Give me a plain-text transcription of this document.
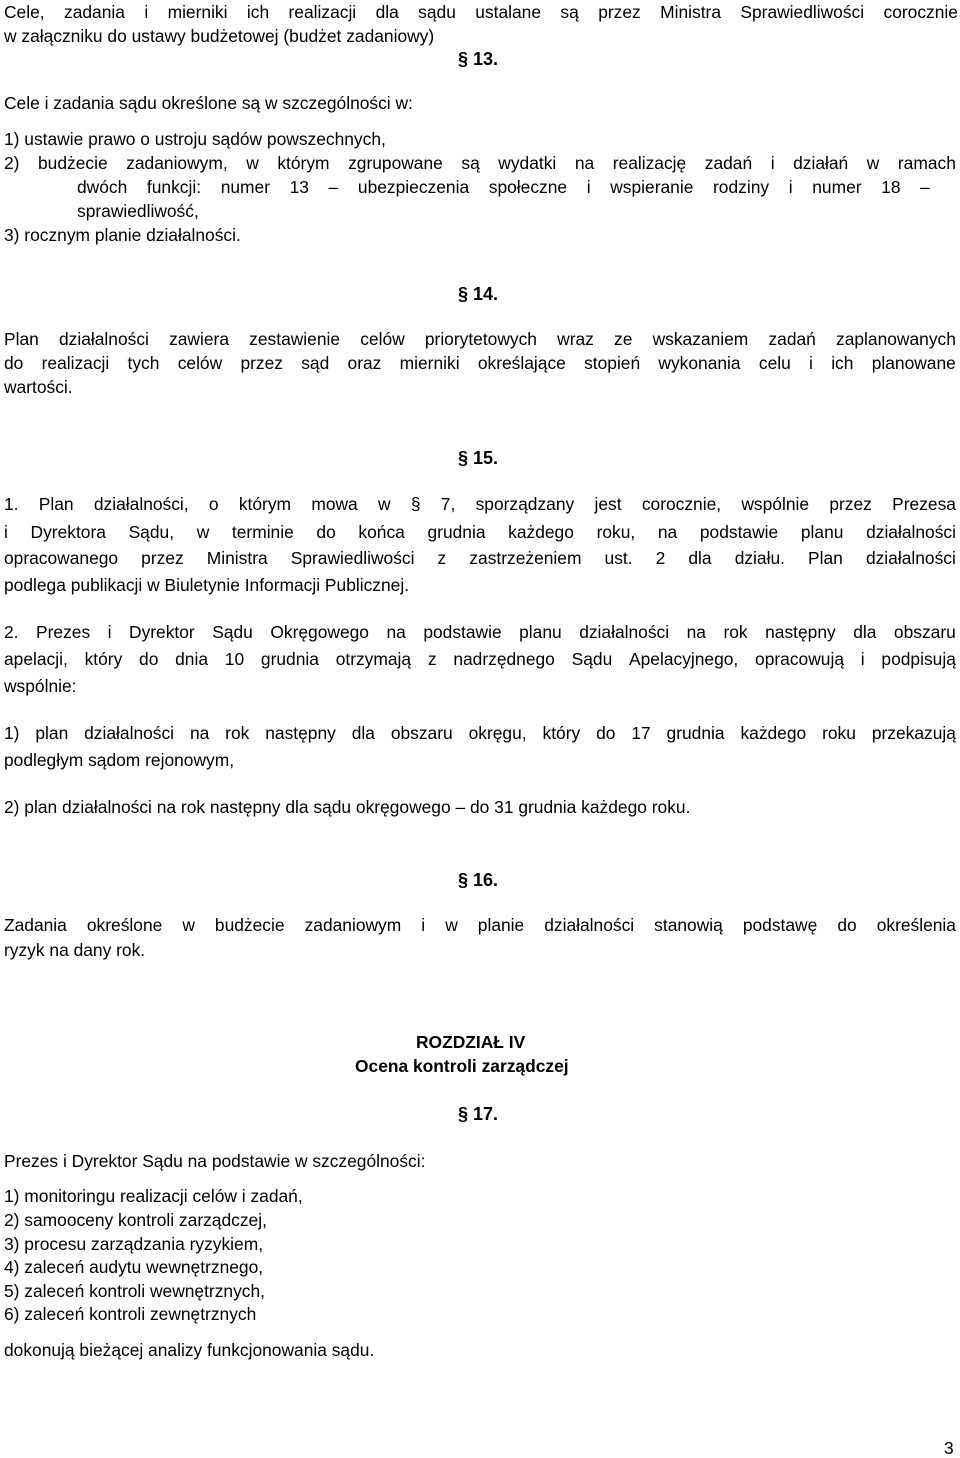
Cele, zadania i mierniki ich realizacji dla sądu ustalane są przez Ministra Sprawiedliwości corocznie
w załączniku do ustawy budżetowej (budżet zadaniowy)
§ 13.
Cele i zadania sądu określone są w szczególności w:
1) ustawie prawo o ustroju sądów powszechnych,
2) budżecie zadaniowym, w którym zgrupowane są wydatki na realizację zadań i działań w ramach
dwóch funkcji: numer 13 – ubezpieczenia społeczne i wspieranie rodziny i numer 18 –
sprawiedliwość,
3) rocznym planie działalności.
§ 14.
Plan działalności zawiera zestawienie celów priorytetowych wraz ze wskazaniem zadań zaplanowanych
do realizacji tych celów przez sąd oraz mierniki określające stopień wykonania celu i ich planowane
wartości.
§ 15.
1. Plan działalności, o którym mowa w § 7, sporządzany jest corocznie, wspólnie przez Prezesa
i Dyrektora Sądu, w terminie do końca grudnia każdego roku, na podstawie planu działalności
opracowanego przez Ministra Sprawiedliwości z zastrzeżeniem ust. 2 dla działu. Plan działalności
podlega publikacji w Biuletynie Informacji Publicznej.
2. Prezes i Dyrektor Sądu Okręgowego na podstawie planu działalności na rok następny dla obszaru
apelacji, który do dnia 10 grudnia otrzymają z nadrzędnego Sądu Apelacyjnego, opracowują i podpisują
wspólnie:
1) plan działalności na rok następny dla obszaru okręgu, który do 17 grudnia każdego roku przekazują
podległym sądom rejonowym,
2) plan działalności na rok następny dla sądu okręgowego – do 31 grudnia każdego roku.
§ 16.
Zadania określone w budżecie zadaniowym i w planie działalności stanowią podstawę do określenia
ryzyk na dany rok.
ROZDZIAŁ IV
Ocena kontroli zarządczej
§ 17.
Prezes i Dyrektor Sądu na podstawie w szczególności:
1) monitoringu realizacji celów i zadań,
2) samooceny kontroli zarządczej,
3) procesu zarządzania ryzykiem,
4) zaleceń audytu wewnętrznego,
5) zaleceń kontroli wewnętrznych,
6) zaleceń kontroli zewnętrznych
dokonują bieżącej analizy funkcjonowania sądu.
3
